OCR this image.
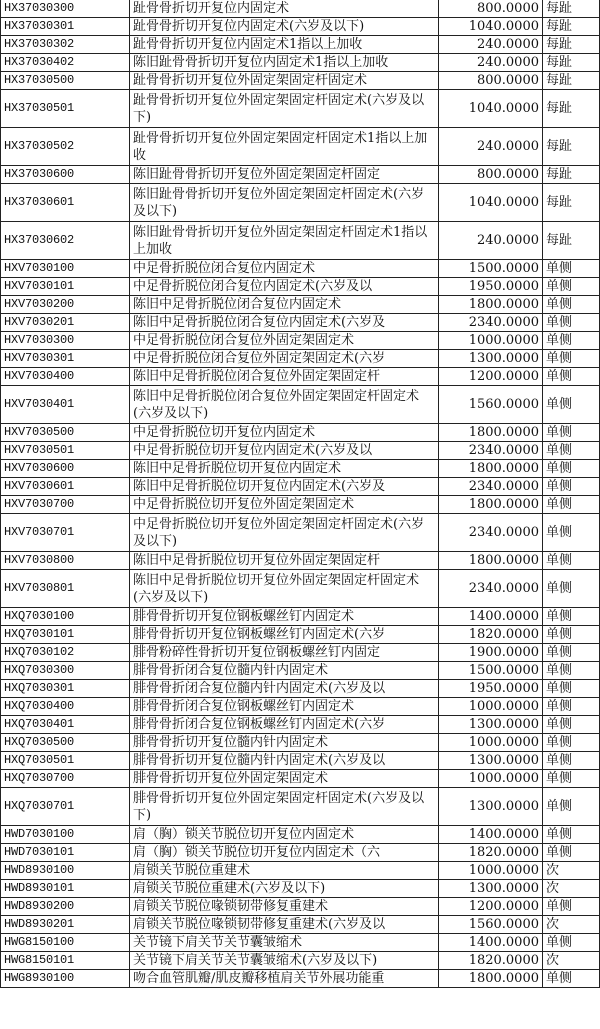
HX37030300	趾骨骨折切开复位内固定术	800.0000	每趾
HX37030301	趾骨骨折切开复位内固定术(六岁及以下)	1040.0000	每趾
HX37030302	趾骨骨折切开复位内固定术1指以上加收	240.0000	每趾
HX37030402	陈旧趾骨骨折切开复位内固定术1指以上加收	240.0000	每趾
HX37030500	趾骨骨折切开复位外固定架固定杆固定术	800.0000	每趾
HX37030501	趾骨骨折切开复位外固定架固定杆固定术(六岁及以下)	1040.0000	每趾
HX37030502	趾骨骨折切开复位外固定架固定杆固定术1指以上加收	240.0000	每趾
HX37030600	陈旧趾骨骨折切开复位外固定架固定杆固定	800.0000	每趾
HX37030601	陈旧趾骨骨折切开复位外固定架固定杆固定术(六岁及以下)	1040.0000	每趾
HX37030602	陈旧趾骨骨折切开复位外固定架固定杆固定术1指以上加收	240.0000	每趾
HXV7030100	中足骨折脱位闭合复位内固定术	1500.0000	单侧
HXV7030101	中足骨折脱位闭合复位内固定术(六岁及以	1950.0000	单侧
HXV7030200	陈旧中足骨折脱位闭合复位内固定术	1800.0000	单侧
HXV7030201	陈旧中足骨折脱位闭合复位内固定术(六岁及	2340.0000	单侧
HXV7030300	中足骨折脱位闭合复位外固定架固定术	1000.0000	单侧
HXV7030301	中足骨折脱位闭合复位外固定架固定术(六岁	1300.0000	单侧
HXV7030400	陈旧中足骨折脱位闭合复位外固定架固定杆	1200.0000	单侧
HXV7030401	陈旧中足骨折脱位闭合复位外固定架固定杆固定术(六岁及以下)	1560.0000	单侧
HXV7030500	中足骨折脱位切开复位内固定术	1800.0000	单侧
HXV7030501	中足骨折脱位切开复位内固定术(六岁及以	2340.0000	单侧
HXV7030600	陈旧中足骨折脱位切开复位内固定术	1800.0000	单侧
HXV7030601	陈旧中足骨折脱位切开复位内固定术(六岁及	2340.0000	单侧
HXV7030700	中足骨折脱位切开复位外固定架固定术	1800.0000	单侧
HXV7030701	中足骨折脱位切开复位外固定架固定杆固定术(六岁及以下)	2340.0000	单侧
HXV7030800	陈旧中足骨折脱位切开复位外固定架固定杆	1800.0000	单侧
HXV7030801	陈旧中足骨折脱位切开复位外固定架固定杆固定术(六岁及以下)	2340.0000	单侧
HXQ7030100	腓骨骨折切开复位钢板螺丝钉内固定术	1400.0000	单侧
HXQ7030101	腓骨骨折切开复位钢板螺丝钉内固定术(六岁	1820.0000	单侧
HXQ7030102	腓骨粉碎性骨折切开复位钢板螺丝钉内固定	1900.0000	单侧
HXQ7030300	腓骨骨折闭合复位髓内针内固定术	1500.0000	单侧
HXQ7030301	腓骨骨折闭合复位髓内针内固定术(六岁及以	1950.0000	单侧
HXQ7030400	腓骨骨折闭合复位钢板螺丝钉内固定术	1000.0000	单侧
HXQ7030401	腓骨骨折闭合复位钢板螺丝钉内固定术(六岁	1300.0000	单侧
HXQ7030500	腓骨骨折切开复位髓内针内固定术	1000.0000	单侧
HXQ7030501	腓骨骨折切开复位髓内针内固定术(六岁及以	1300.0000	单侧
HXQ7030700	腓骨骨折切开复位外固定架固定术	1000.0000	单侧
HXQ7030701	腓骨骨折切开复位外固定架固定杆固定术(六岁及以下)	1300.0000	单侧
HWD7030100	肩（胸）锁关节脱位切开复位内固定术	1400.0000	单侧
HWD7030101	肩（胸）锁关节脱位切开复位内固定术（六	1820.0000	单侧
HWD8930100	肩锁关节脱位重建术	1000.0000	次
HWD8930101	肩锁关节脱位重建术(六岁及以下)	1300.0000	次
HWD8930200	肩锁关节脱位喙锁韧带修复重建术	1200.0000	单侧
HWD8930201	肩锁关节脱位喙锁韧带修复重建术(六岁及以	1560.0000	次
HWG8150100	关节镜下肩关节关节囊皱缩术	1400.0000	单侧
HWG8150101	关节镜下肩关节关节囊皱缩术(六岁及以下)	1820.0000	次
HWG8930100	吻合血管肌瓣/肌皮瓣移植肩关节外展功能重	1800.0000	单侧
